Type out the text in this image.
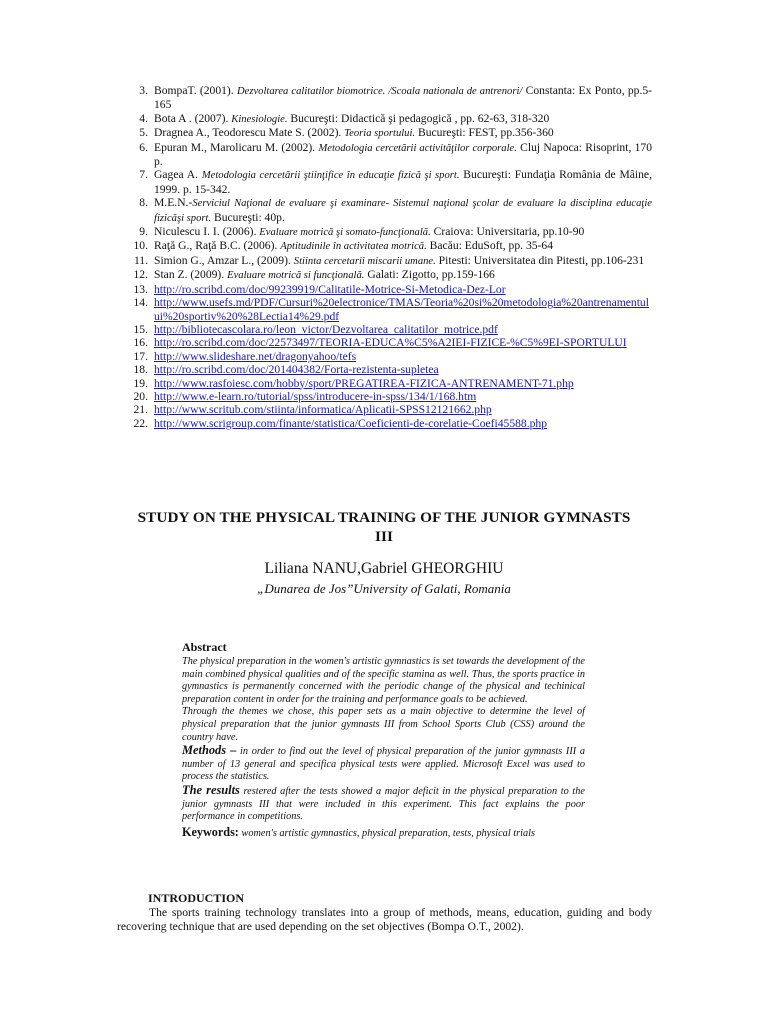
3. BompaT. (2001). Dezvoltarea calitatilor biomotrice. /Scoala nationala de antrenori/ Constanta: Ex Ponto, pp.5-165
4. Bota A . (2007). Kinesiologie. Bucureşti: Didactică şi pedagogică , pp. 62-63, 318-320
5. Dragnea A., Teodorescu Mate S. (2002). Teoria sportului. Bucureşti: FEST, pp.356-360
6. Epuran M., Marolicaru M. (2002). Metodologia cercetării activităţilor corporale. Cluj Napoca: Risoprint, 170 p.
7. Gagea A. Metodologia cercetării ştiinţifice în educaţie fizică şi sport. Bucureşti: Fundaţia România de Mâine, 1999. p. 15-342.
8. M.E.N.-Serviciul Naţional de evaluare şi examinare- Sistemul naţional şcolar de evaluare la disciplina educaţie fizicăşi sport. Bucureşti: 40p.
9. Niculescu I. I. (2006). Evaluare motrică şi somato-funcţională. Craiova: Universitaria, pp.10-90
10. Raţă G., Raţă B.C. (2006). Aptitudinile în activitatea motrică. Bacău: EduSoft, pp. 35-64
11. Simion G., Amzar L., (2009). Stiinta cercetarii miscarii umane. Pitesti: Universitatea din Pitesti, pp.106-231
12. Stan Z. (2009). Evaluare motrică si funcţională. Galati: Zigotto, pp.159-166
13. http://ro.scribd.com/doc/99239919/Calitatile-Motrice-Si-Metodica-Dez-Lor
14. http://www.usefs.md/PDF/Cursuri%20electronice/TMAS/Teoria%20si%20metodologia%20antrenamentului%20sportiv%20%28Lectia14%29.pdf
15. http://bibliotecascolara.ro/leon_victor/Dezvoltarea_calitatilor_motrice.pdf
16. http://ro.scribd.com/doc/22573497/TEORIA-EDUCA%C5%A2IEI-FIZICE-%C5%9EI-SPORTULUI
17. http://www.slideshare.net/dragonyahoo/tefs
18. http://ro.scribd.com/doc/201404382/Forta-rezistenta-supletea
19. http://www.rasfoiesc.com/hobby/sport/PREGATIREA-FIZICA-ANTRENAMENT-71.php
20. http://www.e-learn.ro/tutorial/spss/introducere-in-spss/134/1/168.htm
21. http://www.scritub.com/stiinta/informatica/Aplicatii-SPSS12121662.php
22. http://www.scrigroup.com/finante/statistica/Coeficienti-de-corelatie-Coefi45588.php
STUDY ON THE PHYSICAL TRAINING OF THE JUNIOR GYMNASTS
III
Liliana NANU,Gabriel GHEORGHIU
„Dunarea de Jos”University of Galati, Romania
Abstract

The physical preparation in the women's artistic gymnastics is set towards the development of the main combined physical qualities and of the specific stamina as well. Thus, the sports practice in gymnastics is permanently concerned with the periodic change of the physical and techinical preparation content in order for the training and performance goals to be achieved.

Through the themes we chose, this paper sets as a main objective to determine the level of physical preparation that the junior gymnasts III from School Sports Club (CSS) around the country have.

Methods – in order to find out the level of physical preparation of the junior gymnasts III a number of 13 general and specifica physical tests were applied. Microsoft Excel was used to process the statistics.

The results restered after the tests showed a major deficit in the physical preparation to the junior gymnasts III that were included in this experiment. This fact explains the poor performance in competitions.

Keywords: women's artistic gymnastics, physical preparation, tests, physical trials
INTRODUCTION

The sports training technology translates into a group of methods, means, education, guiding and body recovering technique that are used depending on the set objectives (Bompa O.T., 2002).
